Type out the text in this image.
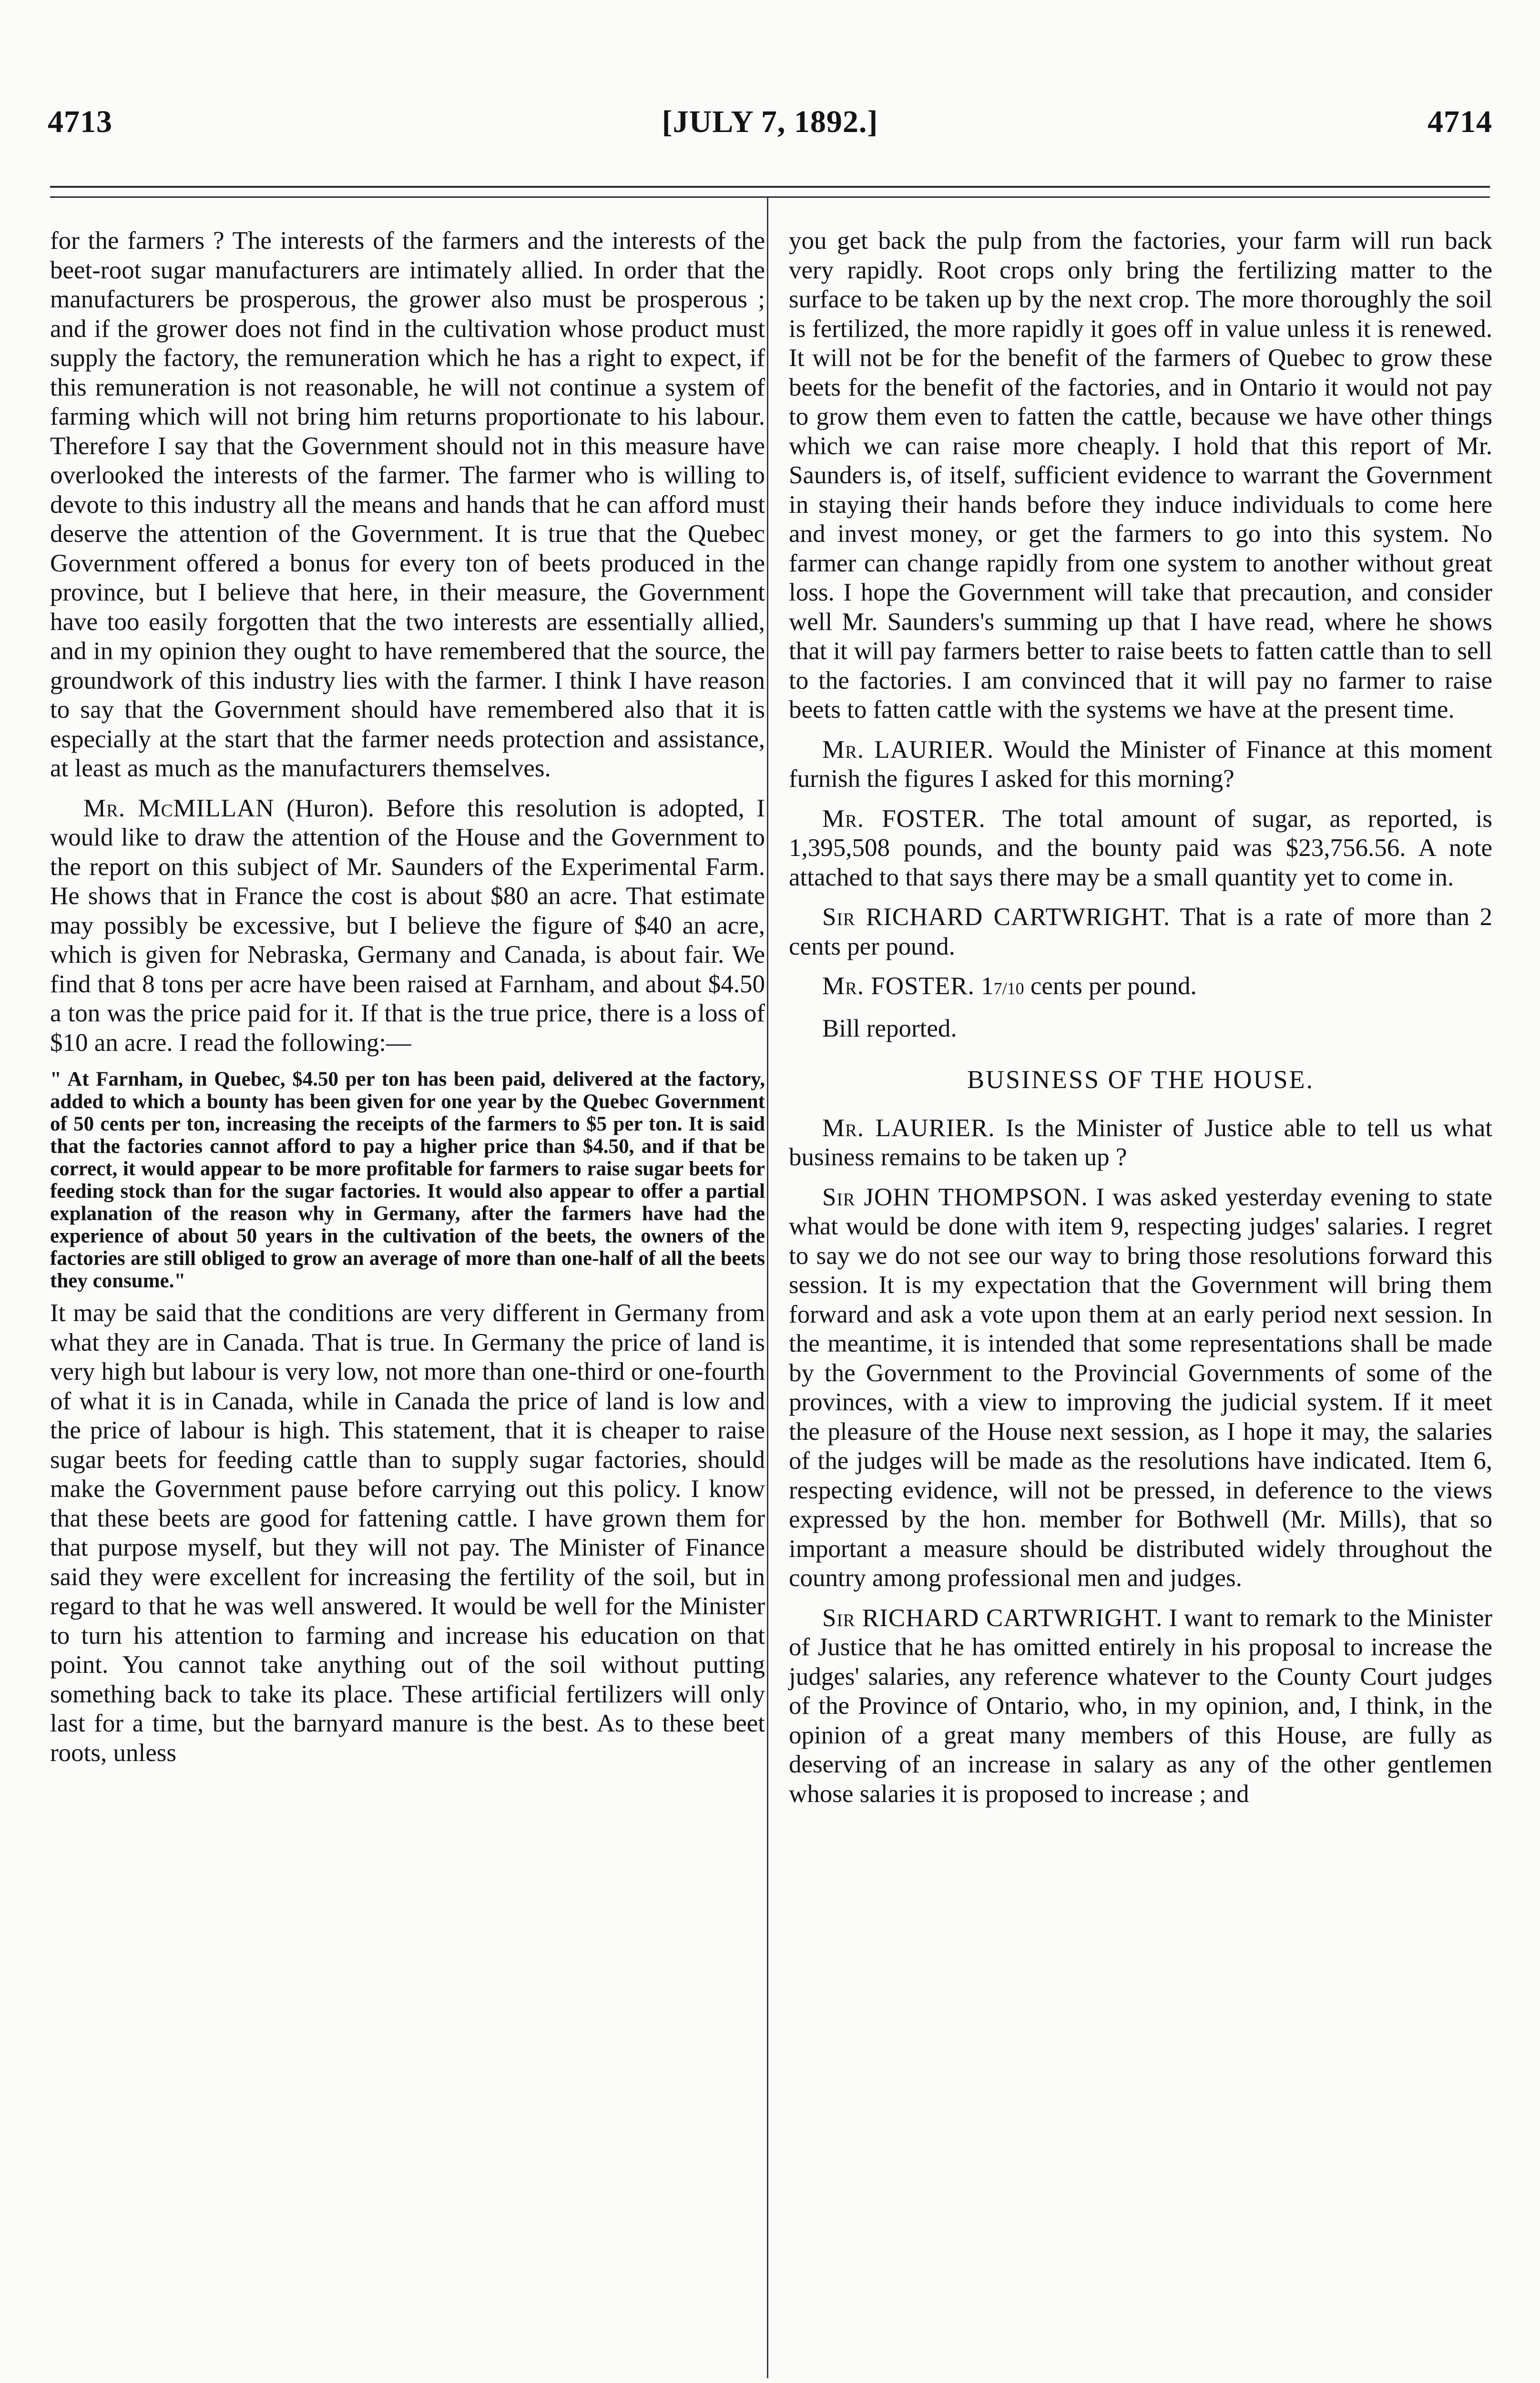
4713	[JULY 7, 1892.]	4714

for the farmers ? The interests of the farmers and the interests of the beet-root sugar manufacturers are intimately allied. In order that the manufacturers be prosperous, the grower also must be prosperous ; and if the grower does not find in the cultivation whose product must supply the factory, the remuneration which he has a right to expect, if this remuneration is not reasonable, he will not continue a system of farming which will not bring him returns proportionate to his labour. Therefore I say that the Government should not in this measure have overlooked the interests of the farmer. The farmer who is willing to devote to this industry all the means and hands that he can afford must deserve the attention of the Government. It is true that the Quebec Government offered a bonus for every ton of beets produced in the province, but I believe that here, in their measure, the Government have too easily forgotten that the two interests are essentially allied, and in my opinion they ought to have remembered that the source, the groundwork of this industry lies with the farmer. I think I have reason to say that the Government should have remembered also that it is especially at the start that the farmer needs protection and assistance, at least as much as the manufacturers themselves.

Mr. McMILLAN (Huron). Before this resolution is adopted, I would like to draw the attention of the House and the Government to the report on this subject of Mr. Saunders of the Experimental Farm. He shows that in France the cost is about $80 an acre. That estimate may possibly be excessive, but I believe the figure of $40 an acre, which is given for Nebraska, Germany and Canada, is about fair. We find that 8 tons per acre have been raised at Farnham, and about $4.50 a ton was the price paid for it. If that is the true price, there is a loss of $10 an acre. I read the following:—

" At Farnham, in Quebec, $4.50 per ton has been paid, delivered at the factory, added to which a bounty has been given for one year by the Quebec Government of 50 cents per ton, increasing the receipts of the farmers to $5 per ton. It is said that the factories cannot afford to pay a higher price than $4.50, and if that be correct, it would appear to be more profitable for farmers to raise sugar beets for feeding stock than for the sugar factories. It would also appear to offer a partial explanation of the reason why in Germany, after the farmers have had the experience of about 50 years in the cultivation of the beets, the owners of the factories are still obliged to grow an average of more than one-half of all the beets they consume."

It may be said that the conditions are very different in Germany from what they are in Canada. That is true. In Germany the price of land is very high but labour is very low, not more than one-third or one-fourth of what it is in Canada, while in Canada the price of land is low and the price of labour is high. This statement, that it is cheaper to raise sugar beets for feeding cattle than to supply sugar factories, should make the Government pause before carrying out this policy. I know that these beets are good for fattening cattle. I have grown them for that purpose myself, but they will not pay. The Minister of Finance said they were excellent for increasing the fertility of the soil, but in regard to that he was well answered. It would be well for the Minister to turn his attention to farming and increase his education on that point. You cannot take anything out of the soil without putting something back to take its place. These artificial fertilizers will only last for a time, but the barnyard manure is the best. As to these beet roots, unless

you get back the pulp from the factories, your farm will run back very rapidly. Root crops only bring the fertilizing matter to the surface to be taken up by the next crop. The more thoroughly the soil is fertilized, the more rapidly it goes off in value unless it is renewed. It will not be for the benefit of the farmers of Quebec to grow these beets for the benefit of the factories, and in Ontario it would not pay to grow them even to fatten the cattle, because we have other things which we can raise more cheaply. I hold that this report of Mr. Saunders is, of itself, sufficient evidence to warrant the Government in staying their hands before they induce individuals to come here and invest money, or get the farmers to go into this system. No farmer can change rapidly from one system to another without great loss. I hope the Government will take that precaution, and consider well Mr. Saunders's summing up that I have read, where he shows that it will pay farmers better to raise beets to fatten cattle than to sell to the factories. I am convinced that it will pay no farmer to raise beets to fatten cattle with the systems we have at the present time.

Mr. LAURIER. Would the Minister of Finance at this moment furnish the figures I asked for this morning?

Mr. FOSTER. The total amount of sugar, as reported, is 1,395,508 pounds, and the bounty paid was $23,756.56. A note attached to that says there may be a small quantity yet to come in.

Sir RICHARD CARTWRIGHT. That is a rate of more than 2 cents per pound.

Mr. FOSTER. 17/10 cents per pound.

Bill reported.

BUSINESS OF THE HOUSE.

Mr. LAURIER. Is the Minister of Justice able to tell us what business remains to be taken up ?

Sir JOHN THOMPSON. I was asked yesterday evening to state what would be done with item 9, respecting judges' salaries. I regret to say we do not see our way to bring those resolutions forward this session. It is my expectation that the Government will bring them forward and ask a vote upon them at an early period next session. In the meantime, it is intended that some representations shall be made by the Government to the Provincial Governments of some of the provinces, with a view to improving the judicial system. If it meet the pleasure of the House next session, as I hope it may, the salaries of the judges will be made as the resolutions have indicated. Item 6, respecting evidence, will not be pressed, in deference to the views expressed by the hon. member for Bothwell (Mr. Mills), that so important a measure should be distributed widely throughout the country among professional men and judges.

Sir RICHARD CARTWRIGHT. I want to remark to the Minister of Justice that he has omitted entirely in his proposal to increase the judges' salaries, any reference whatever to the County Court judges of the Province of Ontario, who, in my opinion, and, I think, in the opinion of a great many members of this House, are fully as deserving of an increase in salary as any of the other gentlemen whose salaries it is proposed to increase ; and
